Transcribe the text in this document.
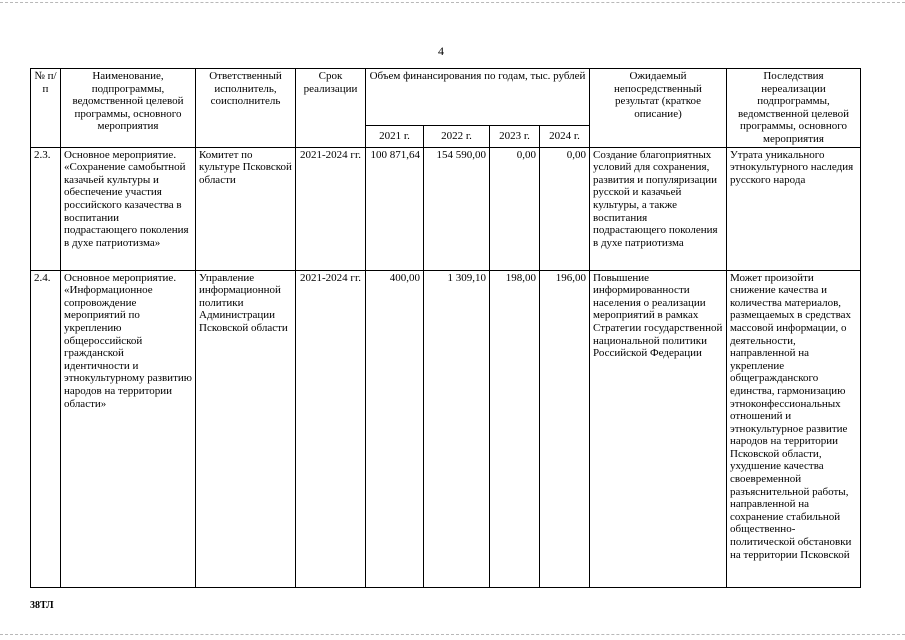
4
№ п/п	Наименование, подпрограммы, ведомственной целевой программы, основного мероприятия	Ответственный исполнитель, соисполнитель	Срок реализации	Объем финансирования по годам, тыс. рублей				Ожидаемый непосредственный результат (краткое описание)	Последствия нереализации подпрограммы, ведомственной целевой программы, основного мероприятия
				2021 г.	2022 г.	2023 г.	2024 г.		
2.3.	Основное мероприятие. «Сохранение самобытной казачьей культуры и обеспечение участия российского казачества в воспитании подрастающего поколения в духе патриотизма»	Комитет по культуре Псковской области	2021-2024 гг.	100 871,64	154 590,00	0,00	0,00	Создание благоприятных условий для сохранения, развития и популяризации русской и казачьей культуры, а также воспитания подрастающего поколения в духе патриотизма	Утрата уникального этнокультурного наследия русского народа
2.4.	Основное мероприятие. «Информационное сопровождение мероприятий по укреплению общероссийской гражданской идентичности и этнокультурному развитию народов на территории области»	Управление информационной политики Администрации Псковской области	2021-2024 гг.	400,00	1 309,10	198,00	196,00	Повышение информированности населения о реализации мероприятий в рамках Стратегии государственной национальной политики Российской Федерации	Может произойти снижение качества и количества материалов, размещаемых в средствах массовой информации, о деятельности, направленной на укрепление общегражданского единства, гармонизацию этноконфессиональных отношений и этнокультурное развитие народов на территории Псковской области, ухудшение качества своевременной разъяснительной работы, направленной на сохранение стабильной общественно-политической обстановки на территории Псковской
38ТЛ
